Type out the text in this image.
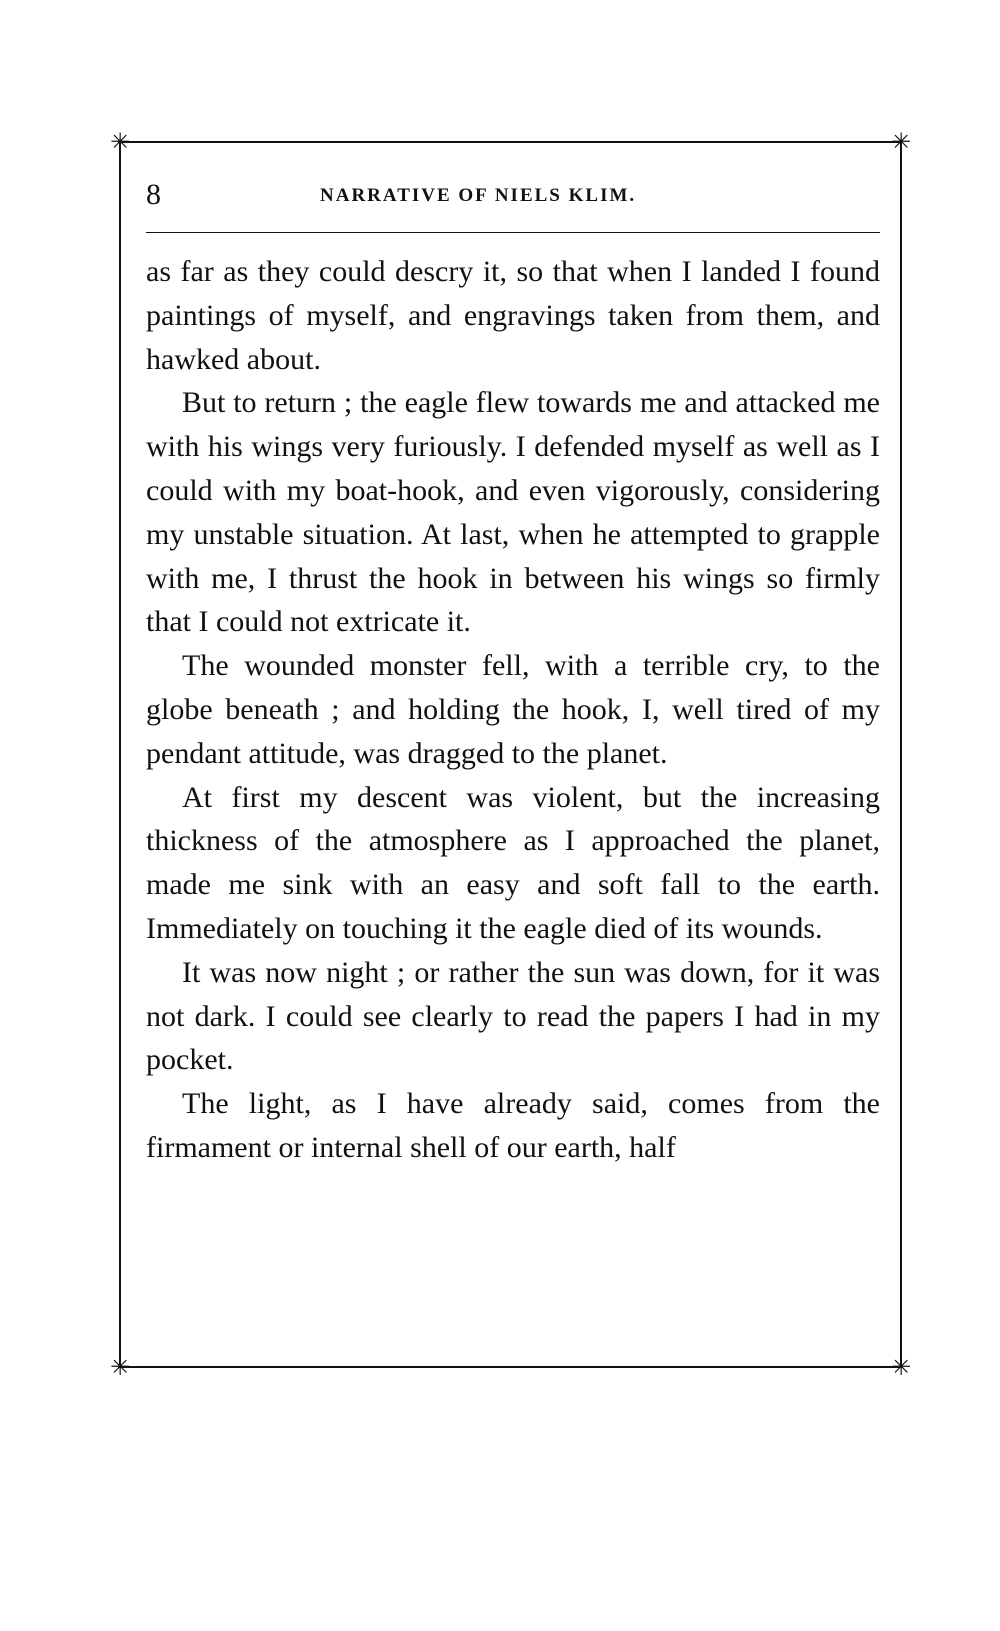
✳	✳
✳	✳
8	NARRATIVE OF NIELS KLIM.

as far as they could descry it, so that when I landed I found paintings of myself, and engravings taken from them, and hawked about.

But to return ; the eagle flew towards me and attacked me with his wings very furiously. I defended myself as well as I could with my boat-hook, and even vigorously, considering my unstable situation. At last, when he attempted to grapple with me, I thrust the hook in between his wings so firmly that I could not extricate it.

The wounded monster fell, with a terrible cry, to the globe beneath ; and holding the hook, I, well tired of my pendant attitude, was dragged to the planet.

At first my descent was violent, but the increasing thickness of the atmosphere as I approached the planet, made me sink with an easy and soft fall to the earth. Immediately on touching it the eagle died of its wounds.

It was now night ; or rather the sun was down, for it was not dark. I could see clearly to read the papers I had in my pocket.

The light, as I have already said, comes from the firmament or internal shell of our earth, half
